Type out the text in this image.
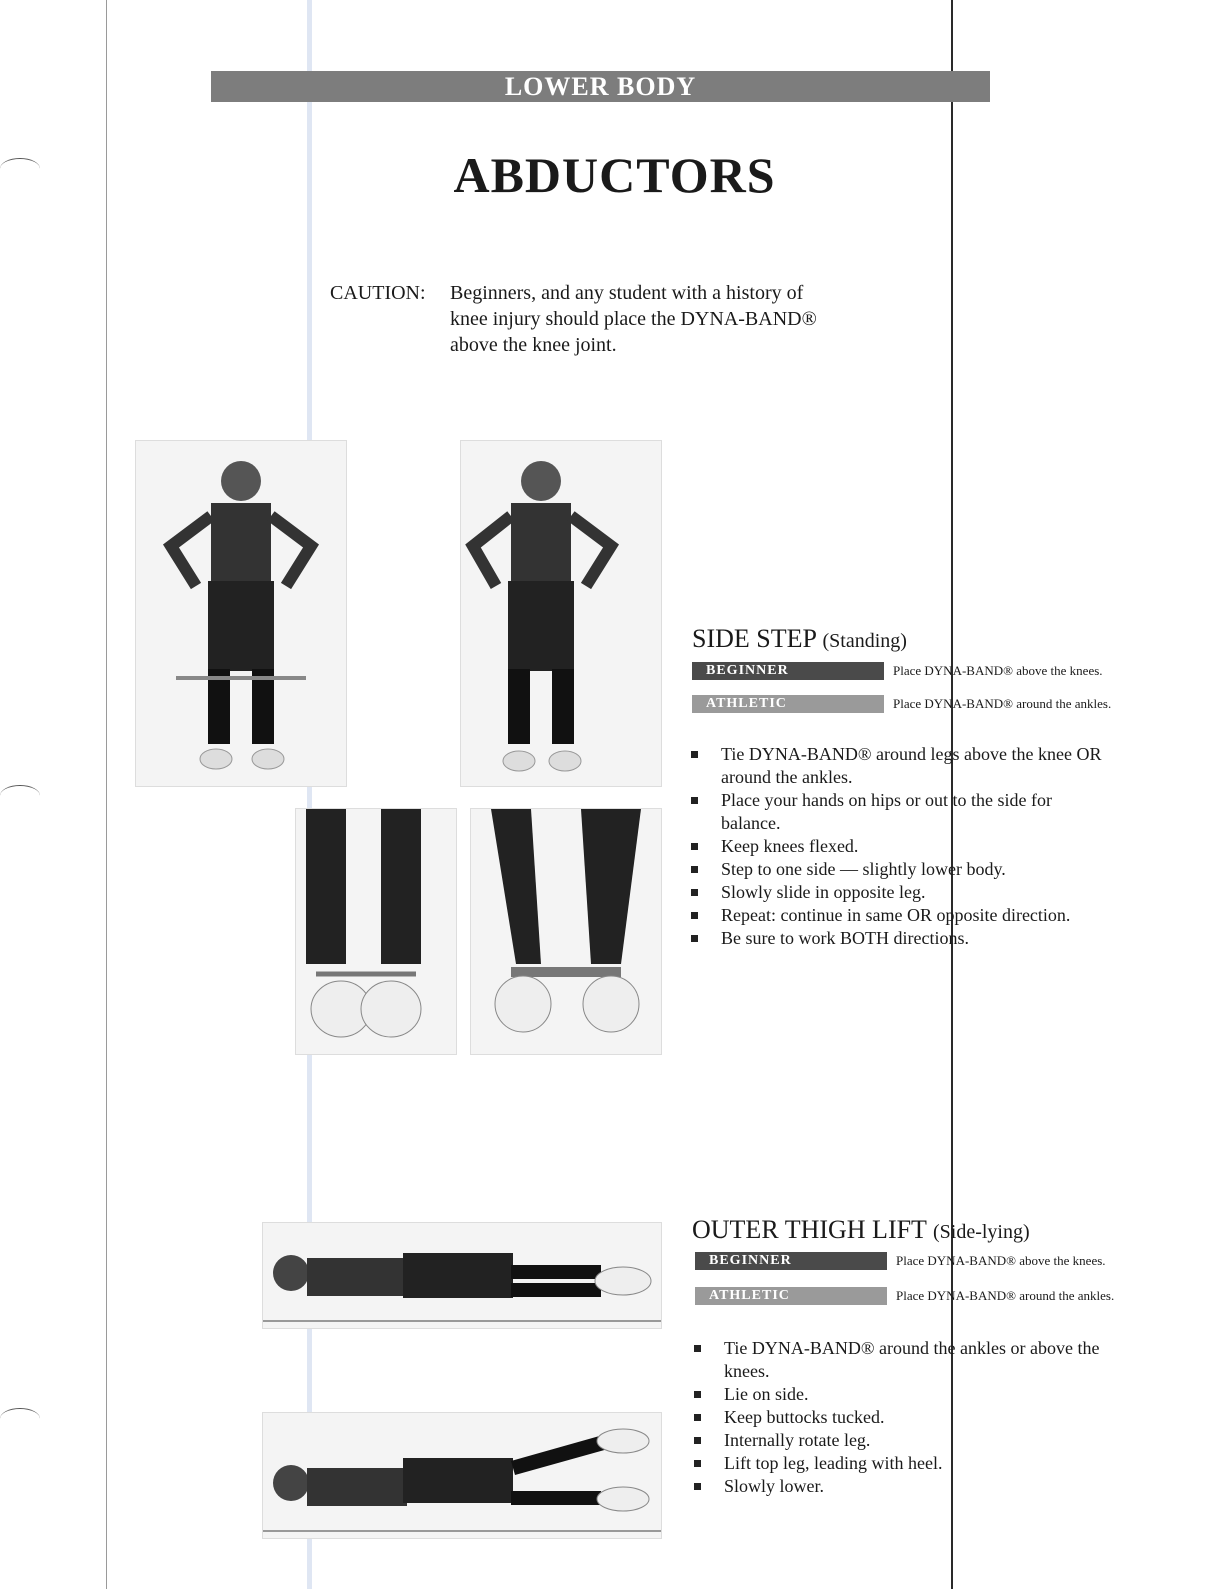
LOWER BODY
ABDUCTORS
CAUTION: Beginners, and any student with a history of
knee injury should place the DYNA-BAND®
above the knee joint.
SIDE STEP (Standing)
BEGINNER	Place DYNA-BAND® above the knees.
ATHLETIC	Place DYNA-BAND® around the ankles.
Tie DYNA-BAND® around legs above the knee OR
around the ankles.
Place your hands on hips or out to the side for
balance.
Keep knees flexed.
Step to one side — slightly lower body.
Slowly slide in opposite leg.
Repeat: continue in same OR opposite direction.
Be sure to work BOTH directions.
OUTER THIGH LIFT (Side-lying)
BEGINNER	Place DYNA-BAND® above the knees.
ATHLETIC	Place DYNA-BAND® around the ankles.
Tie DYNA-BAND® around the ankles or above the
knees.
Lie on side.
Keep buttocks tucked.
Internally rotate leg.
Lift top leg, leading with heel.
Slowly lower.
